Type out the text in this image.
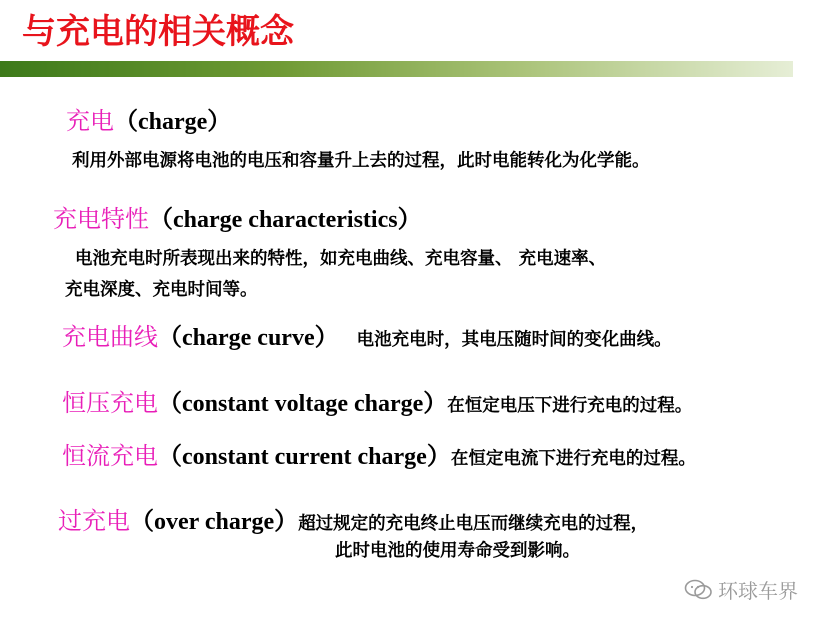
与充电的相关概念
充电（charge）
利用外部电源将电池的电压和容量升上去的过程，此时电能转化为化学能。
充电特性（charge characteristics）
电池充电时所表现出来的特性，如充电曲线、充电容量、 充电速率、
充电深度、充电时间等。
充电曲线（charge curve） 电池充电时，其电压随时间的变化曲线。
恒压充电（constant voltage charge）在恒定电压下进行充电的过程。
恒流充电（constant current charge）在恒定电流下进行充电的过程。
过充电（over charge）超过规定的充电终止电压而继续充电的过程，
此时电池的使用寿命受到影响。
环球车界
